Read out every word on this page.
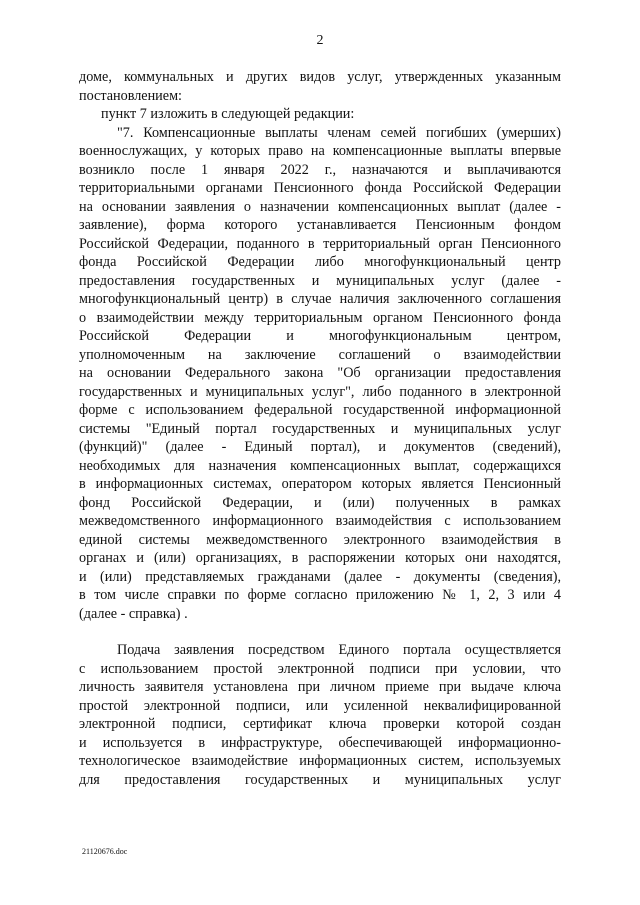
2
доме, коммунальных и других видов услуг, утвержденных указанным
постановлением:
пункт 7 изложить в следующей редакции:
"7. Компенсационные выплаты членам семей погибших (умерших)
военнослужащих, у которых право на компенсационные выплаты впервые
возникло после 1 января 2022 г., назначаются и выплачиваются
территориальными органами Пенсионного фонда Российской Федерации
на основании заявления о назначении компенсационных выплат (далее -
заявление), форма которого устанавливается Пенсионным фондом
Российской Федерации, поданного в территориальный орган Пенсионного
фонда Российской Федерации либо многофункциональный центр
предоставления государственных и муниципальных услуг (далее -
многофункциональный центр) в случае наличия заключенного соглашения
о взаимодействии между территориальным органом Пенсионного фонда
Российской Федерации и многофункциональным центром,
уполномоченным на заключение соглашений о взаимодействии
на основании Федерального закона "Об организации предоставления
государственных и муниципальных услуг", либо поданного в электронной
форме с использованием федеральной государственной информационной
системы "Единый портал государственных и муниципальных услуг
(функций)" (далее - Единый портал), и документов (сведений),
необходимых для назначения компенсационных выплат, содержащихся
в информационных системах, оператором которых является Пенсионный
фонд Российской Федерации, и (или) полученных в рамках
межведомственного информационного взаимодействия с использованием
единой системы межведомственного электронного взаимодействия в
органах и (или) организациях, в распоряжении которых они находятся,
и (или) представляемых гражданами (далее - документы (сведения),
в том числе справки по форме согласно приложению № 1, 2, 3 или 4
(далее - справка) .
Подача заявления посредством Единого портала осуществляется
с использованием простой электронной подписи при условии, что
личность заявителя установлена при личном приеме при выдаче ключа
простой электронной подписи, или усиленной неквалифицированной
электронной подписи, сертификат ключа проверки которой создан
и используется в инфраструктуре, обеспечивающей информационно-
технологическое взаимодействие информационных систем, используемых
для предоставления государственных и муниципальных услуг
21120676.doc
